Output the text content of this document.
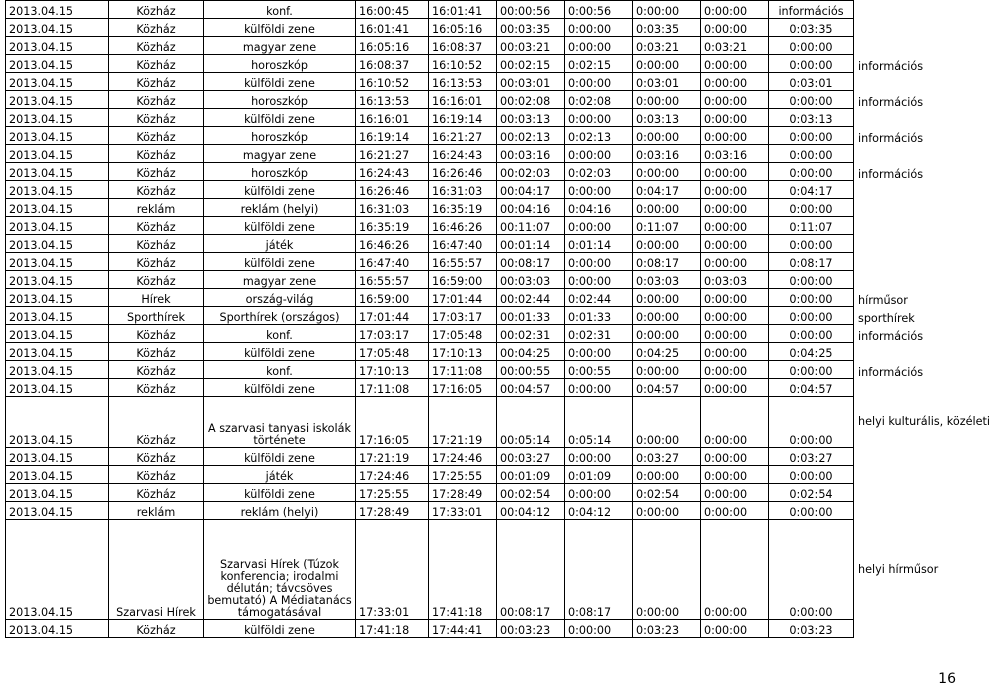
2013.04.15	Közház	konf.	16:00:45	16:01:41	00:00:56	0:00:56	0:00:00	0:00:00	információs	
2013.04.15	Közház	külföldi zene	16:01:41	16:05:16	00:03:35	0:00:00	0:03:35	0:00:00	0:03:35	
2013.04.15	Közház	magyar zene	16:05:16	16:08:37	00:03:21	0:00:00	0:03:21	0:03:21	0:00:00	
2013.04.15	Közház	horoszkóp	16:08:37	16:10:52	00:02:15	0:02:15	0:00:00	0:00:00	0:00:00	információs
2013.04.15	Közház	külföldi zene	16:10:52	16:13:53	00:03:01	0:00:00	0:03:01	0:00:00	0:03:01	
2013.04.15	Közház	horoszkóp	16:13:53	16:16:01	00:02:08	0:02:08	0:00:00	0:00:00	0:00:00	információs
2013.04.15	Közház	külföldi zene	16:16:01	16:19:14	00:03:13	0:00:00	0:03:13	0:00:00	0:03:13	
2013.04.15	Közház	horoszkóp	16:19:14	16:21:27	00:02:13	0:02:13	0:00:00	0:00:00	0:00:00	információs
2013.04.15	Közház	magyar zene	16:21:27	16:24:43	00:03:16	0:00:00	0:03:16	0:03:16	0:00:00	
2013.04.15	Közház	horoszkóp	16:24:43	16:26:46	00:02:03	0:02:03	0:00:00	0:00:00	0:00:00	információs
2013.04.15	Közház	külföldi zene	16:26:46	16:31:03	00:04:17	0:00:00	0:04:17	0:00:00	0:04:17	
2013.04.15	reklám	reklám (helyi)	16:31:03	16:35:19	00:04:16	0:04:16	0:00:00	0:00:00	0:00:00	
2013.04.15	Közház	külföldi zene	16:35:19	16:46:26	00:11:07	0:00:00	0:11:07	0:00:00	0:11:07	
2013.04.15	Közház	játék	16:46:26	16:47:40	00:01:14	0:01:14	0:00:00	0:00:00	0:00:00	
2013.04.15	Közház	külföldi zene	16:47:40	16:55:57	00:08:17	0:00:00	0:08:17	0:00:00	0:08:17	
2013.04.15	Közház	magyar zene	16:55:57	16:59:00	00:03:03	0:00:00	0:03:03	0:03:03	0:00:00	
2013.04.15	Hírek	ország-világ	16:59:00	17:01:44	00:02:44	0:02:44	0:00:00	0:00:00	0:00:00	hírműsor
2013.04.15	Sporthírek	Sporthírek (országos)	17:01:44	17:03:17	00:01:33	0:01:33	0:00:00	0:00:00	0:00:00	sporthírek
2013.04.15	Közház	konf.	17:03:17	17:05:48	00:02:31	0:02:31	0:00:00	0:00:00	0:00:00	információs
2013.04.15	Közház	külföldi zene	17:05:48	17:10:13	00:04:25	0:00:00	0:04:25	0:00:00	0:04:25	
2013.04.15	Közház	konf.	17:10:13	17:11:08	00:00:55	0:00:55	0:00:00	0:00:00	0:00:00	információs
2013.04.15	Közház	külföldi zene	17:11:08	17:16:05	00:04:57	0:00:00	0:04:57	0:00:00	0:04:57	
2013.04.15	Közház	A szarvasi tanyasi iskolák története	17:16:05	17:21:19	00:05:14	0:05:14	0:00:00	0:00:00	0:00:00	helyi kulturális, közéleti
2013.04.15	Közház	külföldi zene	17:21:19	17:24:46	00:03:27	0:00:00	0:03:27	0:00:00	0:03:27	
2013.04.15	Közház	játék	17:24:46	17:25:55	00:01:09	0:01:09	0:00:00	0:00:00	0:00:00	
2013.04.15	Közház	külföldi zene	17:25:55	17:28:49	00:02:54	0:00:00	0:02:54	0:00:00	0:02:54	
2013.04.15	reklám	reklám (helyi)	17:28:49	17:33:01	00:04:12	0:04:12	0:00:00	0:00:00	0:00:00	
2013.04.15	Szarvasi Hírek	Szarvasi Hírek (Túzok konferencia; irodalmi délután; távcsöves bemutató) A Médiatanács támogatásával	17:33:01	17:41:18	00:08:17	0:08:17	0:00:00	0:00:00	0:00:00	helyi hírműsor
2013.04.15	Közház	külföldi zene	17:41:18	17:44:41	00:03:23	0:00:00	0:03:23	0:00:00	0:03:23	
16
